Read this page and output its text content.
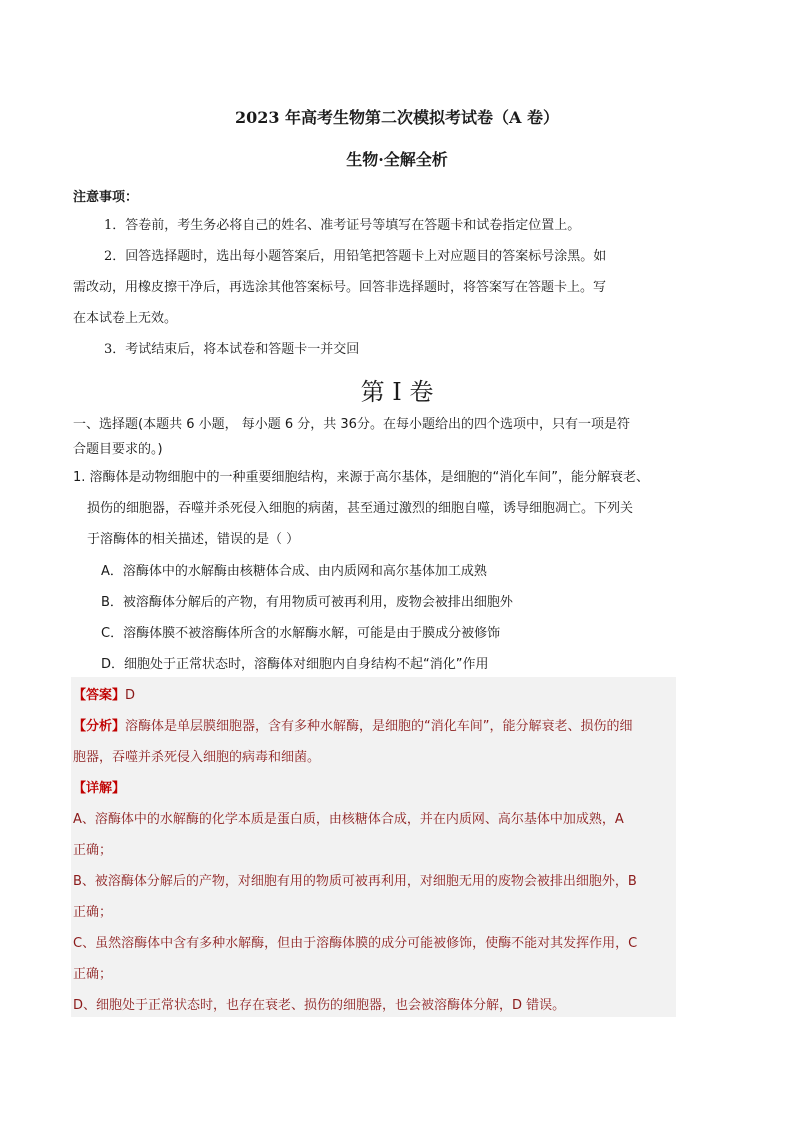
2023 年高考生物第二次模拟考试卷（A 卷）
生物·全解全析
注意事项：
1．答卷前，考生务必将自己的姓名、准考证号等填写在答题卡和试卷指定位置上。
2．回答选择题时，选出每小题答案后，用铅笔把答题卡上对应题目的答案标号涂黑。如
需改动，用橡皮擦干净后，再选涂其他答案标号。回答非选择题时，将答案写在答题卡上。写
在本试卷上无效。
3．考试结束后，将本试卷和答题卡一并交回
第 I 卷
一、选择题(本题共 6 小题， 每小题 6 分，共 36分。在每小题给出的四个选项中，只有一项是符
合题目要求的。)
1. 溶酶体是动物细胞中的一种重要细胞结构，来源于高尔基体，是细胞的“消化车间”，能分解衰老、
损伤的细胞器，吞噬并杀死侵入细胞的病菌，甚至通过激烈的细胞自噬，诱导细胞凋亡。下列关
于溶酶体的相关描述，错误的是（ ）
A．溶酶体中的水解酶由核糖体合成、由内质网和高尔基体加工成熟
B．被溶酶体分解后的产物，有用物质可被再利用，废物会被排出细胞外
C．溶酶体膜不被溶酶体所含的水解酶水解，可能是由于膜成分被修饰
D．细胞处于正常状态时，溶酶体对细胞内自身结构不起“消化”作用
【答案】D
【分析】溶酶体是单层膜细胞器，含有多种水解酶，是细胞的“消化车间”，能分解衰老、损伤的细
胞器，吞噬并杀死侵入细胞的病毒和细菌。
【详解】
A、溶酶体中的水解酶的化学本质是蛋白质，由核糖体合成，并在内质网、高尔基体中加成熟，A
正确；
B、被溶酶体分解后的产物，对细胞有用的物质可被再利用，对细胞无用的废物会被排出细胞外，B
正确；
C、虽然溶酶体中含有多种水解酶，但由于溶酶体膜的成分可能被修饰，使酶不能对其发挥作用，C
正确；
D、细胞处于正常状态时，也存在衰老、损伤的细胞器，也会被溶酶体分解，D 错误。
